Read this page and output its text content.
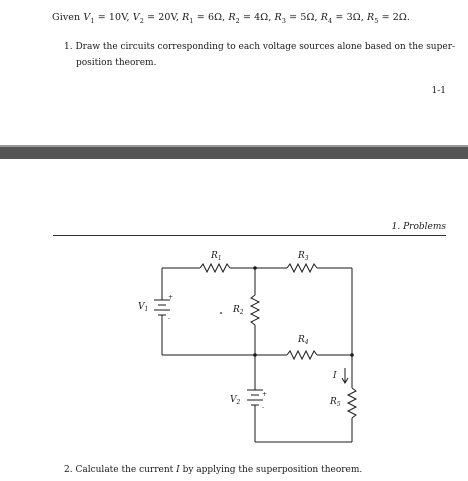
Given $V_1 = 10V$, $V_2 = 20V$, $R_1 = 6\Omega$, $R_2 = 4\Omega$, $R_3 = 5\Omega$, $R_4 = 3\Omega$, $R_5 = 2\Omega$.
1. Draw the circuits corresponding to each voltage sources alone based on the super-
position theorem.
1-1
1. Problems
$R_1$	$R_3$
$R_2$
$R_4$
$R_5$
$V_1$
$V_2$
I
+
-
+
-
2. Calculate the current I by applying the superposition theorem.
